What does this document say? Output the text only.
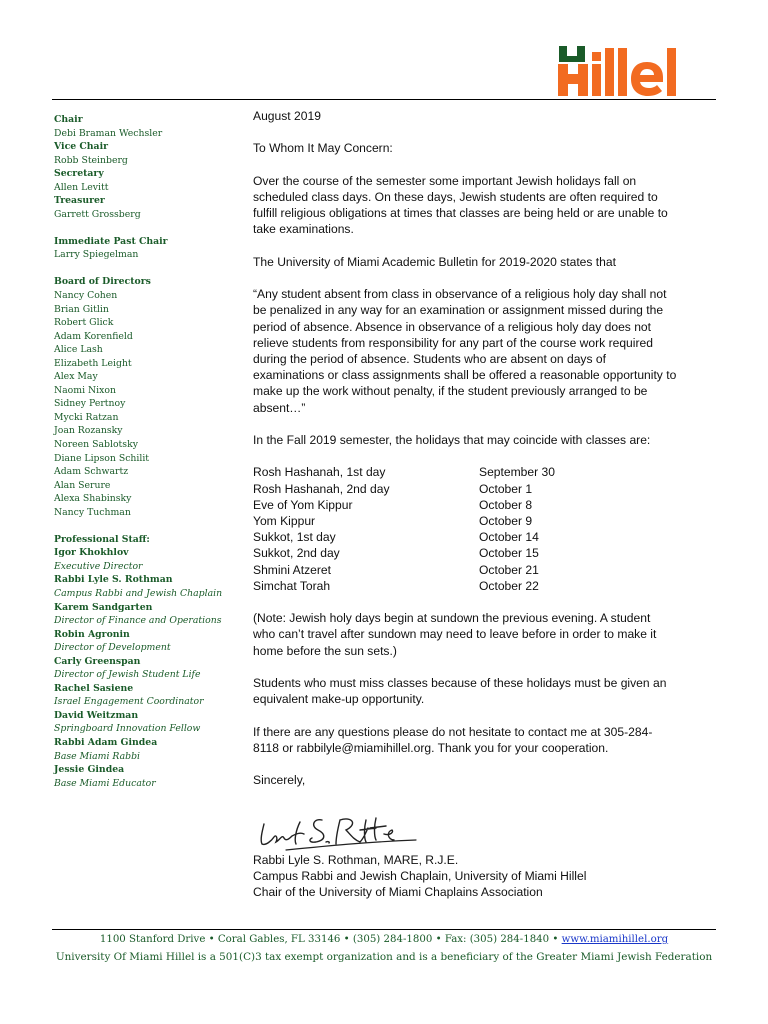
Chair
Debi Braman Wechsler
Vice Chair
Robb Steinberg
Secretary
Allen Levitt
Treasurer
Garrett Grossberg
Immediate Past Chair
Larry Spiegelman
Board of Directors
Nancy Cohen
Brian Gitlin
Robert Glick
Adam Korenfield
Alice Lash
Elizabeth Leight
Alex May
Naomi Nixon
Sidney Pertnoy
Mycki Ratzan
Joan Rozansky
Noreen Sablotsky
Diane Lipson Schilit
Adam Schwartz
Alan Serure
Alexa Shabinsky
Nancy Tuchman
Professional Staff:
Igor Khokhlov
Executive Director
Rabbi Lyle S. Rothman
Campus Rabbi and Jewish Chaplain
Karem Sandgarten
Director of Finance and Operations
Robin Agronin
Director of Development
Carly Greenspan
Director of Jewish Student Life
Rachel Sasiene
Israel Engagement Coordinator
David Weitzman
Springboard Innovation Fellow
Rabbi Adam Gindea
Base Miami Rabbi
Jessie Gindea
Base Miami Educator

August 2019

To Whom It May Concern:

Over the course of the semester some important Jewish holidays fall on

scheduled class days. On these days, Jewish students are often required to

fulfill religious obligations at times that classes are being held or are unable to

take examinations.

The University of Miami Academic Bulletin for 2019-2020 states that

“Any student absent from class in observance of a religious holy day shall not

be penalized in any way for an examination or assignment missed during the

period of absence. Absence in observance of a religious holy day does not

relieve students from responsibility for any part of the course work required

during the period of absence. Students who are absent on days of

examinations or class assignments shall be offered a reasonable opportunity to

make up the work without penalty, if the student previously arranged to be

absent…”

In the Fall 2019 semester, the holidays that may coincide with classes are:

Rosh Hashanah, 1st day	September 30
Rosh Hashanah, 2nd day	October 1
Eve of Yom Kippur	October 8
Yom Kippur	October 9
Sukkot, 1st day	October 14
Sukkot, 2nd day	October 15
Shmini Atzeret	October 21
Simchat Torah	October 22

(Note: Jewish holy days begin at sundown the previous evening. A student

who can’t travel after sundown may need to leave before in order to make it

home before the sun sets.)

Students who must miss classes because of these holidays must be given an

equivalent make-up opportunity.

If there are any questions please do not hesitate to contact me at 305-284-

8118 or rabbilyle@miamihillel.org. Thank you for your cooperation.

Sincerely,

Rabbi Lyle S. Rothman, MARE, R.J.E.
Campus Rabbi and Jewish Chaplain, University of Miami Hillel
Chair of the University of Miami Chaplains Association
1100 Stanford Drive • Coral Gables, FL 33146 • (305) 284-1800 • Fax: (305) 284-1840 • www.miamihillel.org
University Of Miami Hillel is a 501(C)3 tax exempt organization and is a beneficiary of the Greater Miami Jewish Federation
